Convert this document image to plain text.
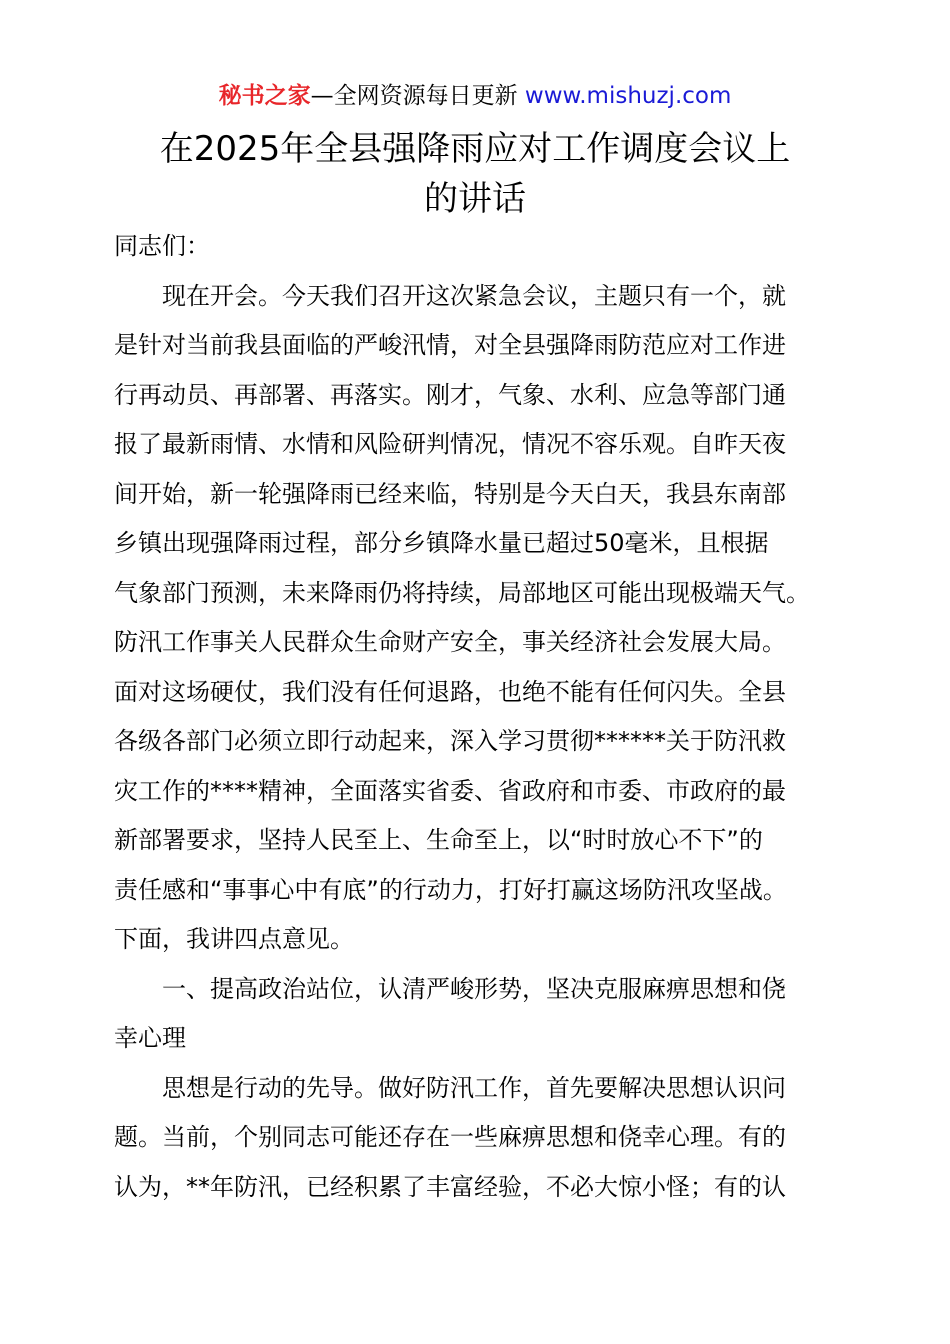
秘书之家—全网资源每日更新 www.mishuzj.com
在2025年全县强降雨应对工作调度会议上
的讲话
同志们：
现在开会。今天我们召开这次紧急会议，主题只有一个，就
是针对当前我县面临的严峻汛情，对全县强降雨防范应对工作进
行再动员、再部署、再落实。刚才，气象、水利、应急等部门通
报了最新雨情、水情和风险研判情况，情况不容乐观。自昨天夜
间开始，新一轮强降雨已经来临，特别是今天白天，我县东南部
乡镇出现强降雨过程，部分乡镇降水量已超过50毫米，且根据
气象部门预测，未来降雨仍将持续，局部地区可能出现极端天气。
防汛工作事关人民群众生命财产安全，事关经济社会发展大局。
面对这场硬仗，我们没有任何退路，也绝不能有任何闪失。全县
各级各部门必须立即行动起来，深入学习贯彻******关于防汛救
灾工作的****精神，全面落实省委、省政府和市委、市政府的最
新部署要求，坚持人民至上、生命至上，以“时时放心不下”的
责任感和“事事心中有底”的行动力，打好打赢这场防汛攻坚战。
下面，我讲四点意见。
一、提高政治站位，认清严峻形势，坚决克服麻痹思想和侥
幸心理
思想是行动的先导。做好防汛工作，首先要解决思想认识问
题。当前，个别同志可能还存在一些麻痹思想和侥幸心理。有的
认为，**年防汛，已经积累了丰富经验，不必大惊小怪；有的认
